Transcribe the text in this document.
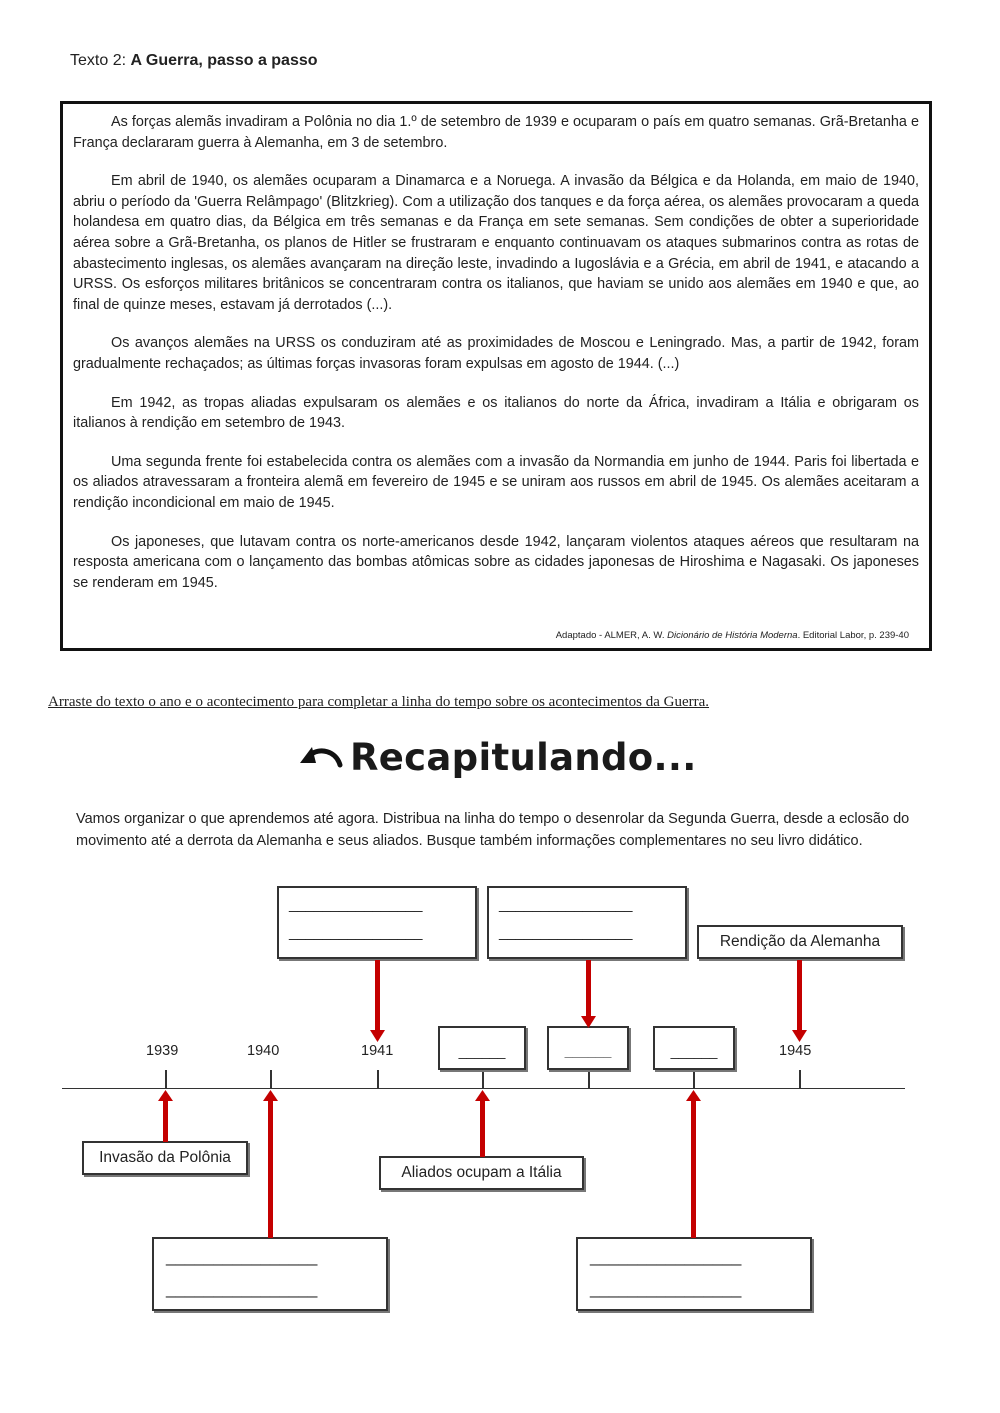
Texto 2: A Guerra, passo a passo

As forças alemãs invadiram a Polônia no dia 1.º de setembro de 1939 e ocuparam o país em quatro semanas. Grã-Bretanha e França declararam guerra à Alemanha, em 3 de setembro.

Em abril de 1940, os alemães ocuparam a Dinamarca e a Noruega. A invasão da Bélgica e da Holanda, em maio de 1940, abriu o período da 'Guerra Relâmpago' (Blitzkrieg). Com a utilização dos tanques e da força aérea, os alemães provocaram a queda holandesa em quatro dias, da Bélgica em três semanas e da França em sete semanas. Sem condições de obter a superioridade aérea sobre a Grã-Bretanha, os planos de Hitler se frustraram e enquanto continuavam os ataques submarinos contra as rotas de abastecimento inglesas, os alemães avançaram na direção leste, invadindo a Iugoslávia e a Grécia, em abril de 1941, e atacando a URSS. Os esforços militares britânicos se concentraram contra os italianos, que haviam se unido aos alemães em 1940 e que, ao final de quinze meses, estavam já derrotados (...).

Os avanços alemães na URSS os conduziram até as proximidades de Moscou e Leningrado. Mas, a partir de 1942, foram gradualmente rechaçados; as últimas forças invasoras foram expulsas em agosto de 1944. (...)

Em 1942, as tropas aliadas expulsaram os alemães e os italianos do norte da África, invadiram a Itália e obrigaram os italianos à rendição em setembro de 1943.

Uma segunda frente foi estabelecida contra os alemães com a invasão da Normandia em junho de 1944. Paris foi libertada e os aliados atravessaram a fronteira alemã em fevereiro de 1945 e se uniram aos russos em abril de 1945. Os alemães aceitaram a rendição incondicional em maio de 1945.

Os japoneses, que lutavam contra os norte-americanos desde 1942, lançaram violentos ataques aéreos que resultaram na resposta americana com o lançamento das bombas atômicas sobre as cidades japonesas de Hiroshima e Nagasaki. Os japoneses se renderam em 1945.

Adaptado - ALMER, A. W. Dicionário de História Moderna. Editorial Labor, p. 239-40
Arraste do texto o ano e o acontecimento para completar a linha do tempo sobre os acontecimentos da Guerra.
Recapitulando...
Vamos organizar o que aprendemos até agora. Distribua na linha do tempo o desenrolar da Segunda Guerra, desde a eclosão do movimento até a derrota da Alemanha e seus aliados. Busque também informações complementares no seu livro didático.
1939	1940	1941	1945
______	______	______
________________
________________
________________
________________
Rendição da Alemanha
Invasão da Polônia
Aliados ocupam a Itália
________________
________________
________________
________________
